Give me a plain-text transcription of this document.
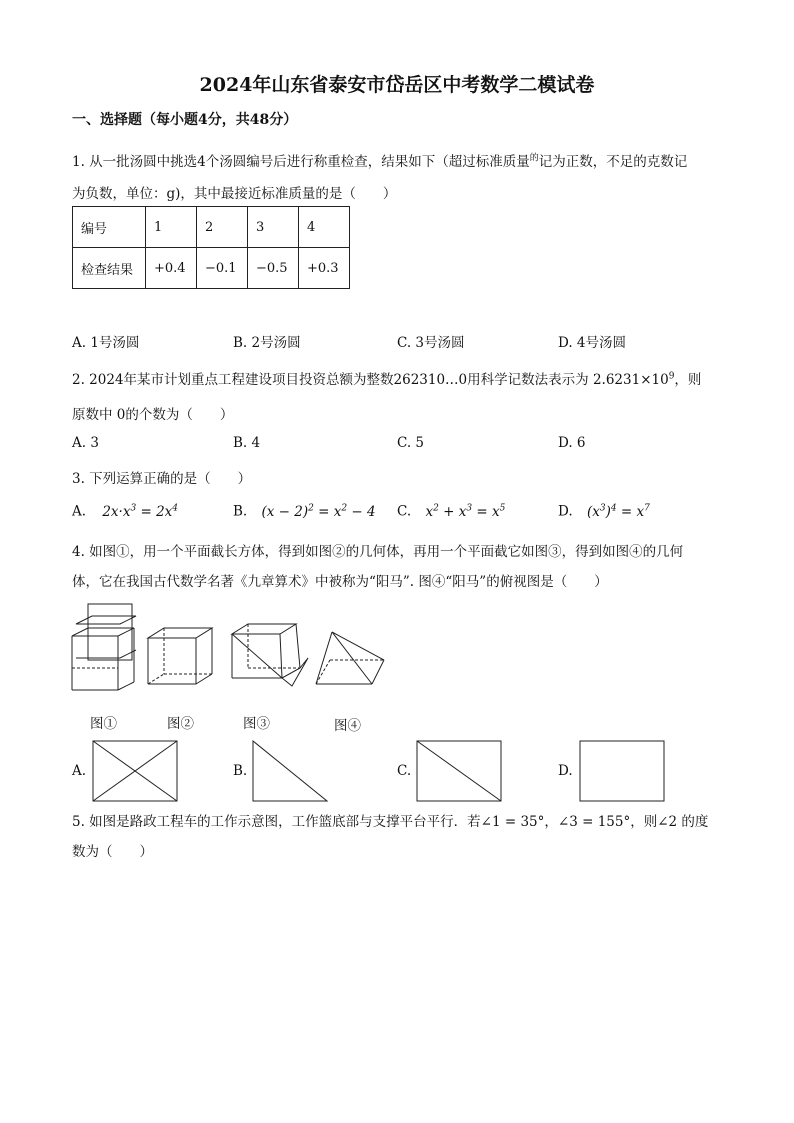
2024年山东省泰安市岱岳区中考数学二模试卷
一、选择题（每小题4分，共48分）
1. 从一批汤圆中挑选4个汤圆编号后进行称重检查，结果如下（超过标准质量$^的$记为正数，不足的克数记
为负数，单位：g)，其中最接近标准质量的是（　　）
编号	1	2	3	4
检查结果	+0.4	−0.1	−0.5	+0.3
A. 1号汤圆	B. 2号汤圆	C. 3号汤圆	D. 4号汤圆
2. 2024年某市计划重点工程建设项目投资总额为整数262310…0用科学记数法表示为 $2.6231\times 10^9$，则
原数中 0的个数为（　　）
A. 3	B. 4	C. 5	D. 6
3. 下列运算正确的是（　　）
A. $2x\cdot x^3 = 2x^4$	B. $(x - 2)^2 = x^2 - 4$ C. $x^2 + x^3 = x^5$	D. $(x^3)^4 = x^7$
4. 如图①，用一个平面截长方体，得到如图②的几何体，再用一个平面截它如图③，得到如图④的几何
体，它在我国古代数学名著《九章算术》中被称为“阳马”. 图④“阳马”的俯视图是（　　）
图①	图②	图③	图④
A.	B.	C.	D.
5. 如图是路政工程车的工作示意图，工作篮底部与支撑平台平行．若∠1 = 35°，∠3 = 155°，则∠2 的度
数为（　　）
